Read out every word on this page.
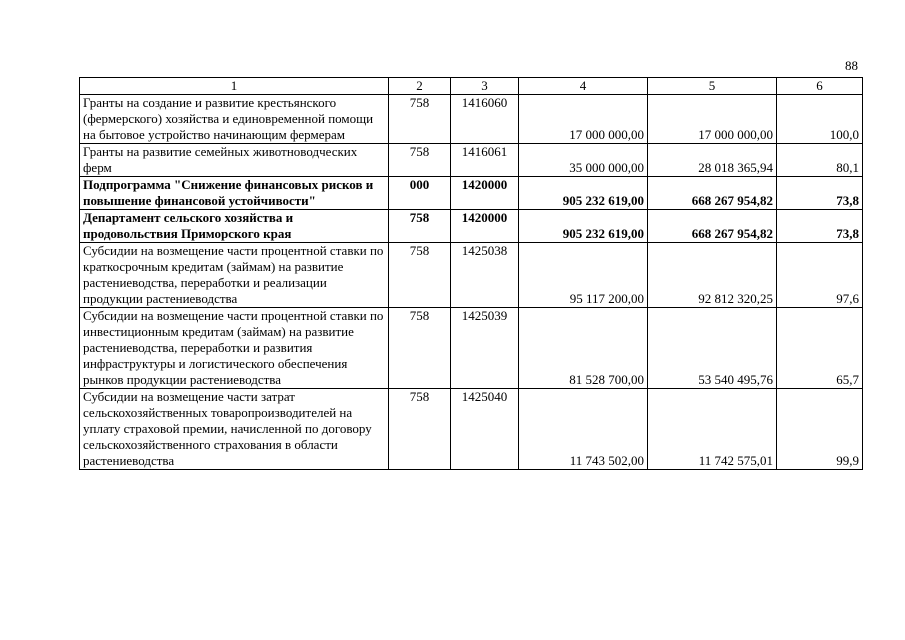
88
1	2	3	4	5	6
Гранты на создание и развитие крестьянского (фермерского) хозяйства и единовременной помощи на бытовое устройство начинающим фермерам	758	1416060	17 000 000,00	17 000 000,00	100,0
Гранты на развитие семейных животноводческих ферм	758	1416061	35 000 000,00	28 018 365,94	80,1
Подпрограмма "Снижение финансовых рисков и повышение финансовой устойчивости"	000	1420000	905 232 619,00	668 267 954,82	73,8
Департамент сельского хозяйства и продовольствия Приморского края	758	1420000	905 232 619,00	668 267 954,82	73,8
Субсидии на возмещение части процентной ставки по краткосрочным кредитам (займам) на развитие растениеводства, переработки и реализации продукции растениеводства	758	1425038	95 117 200,00	92 812 320,25	97,6
Субсидии на возмещение части процентной ставки по инвестиционным кредитам (займам) на развитие растениеводства, переработки и развития инфраструктуры и логистического обеспечения рынков продукции растениеводства	758	1425039	81 528 700,00	53 540 495,76	65,7
Субсидии на возмещение части затрат сельскохозяйственных товаропроизводителей на уплату страховой премии, начисленной по договору сельскохозяйственного страхования в области растениеводства	758	1425040	11 743 502,00	11 742 575,01	99,9
